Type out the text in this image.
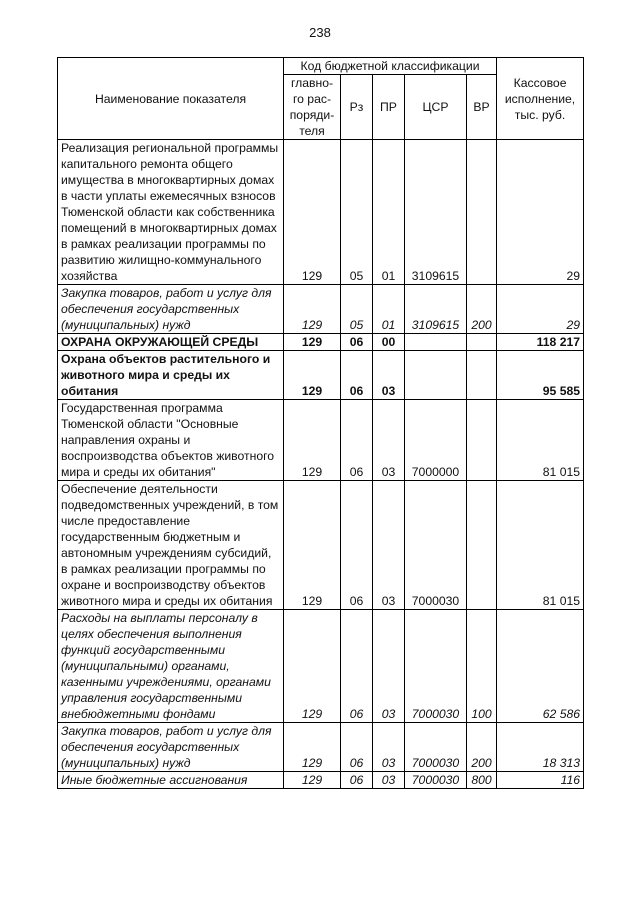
238
Наименование показателя	Код бюджетной классификации					Кассовое исполнение, тыс. руб.
	главно-го рас-поряди-теля	Рз	ПР	ЦСР	ВР	
Реализация региональной программы капитального ремонта общего имущества в многоквартирных домах в части уплаты ежемесячных взносов Тюменской области как собственника помещений в многоквартирных домах в рамках реализации программы по развитию жилищно-коммунального хозяйства	129	05	01	3109615		29
Закупка товаров, работ и услуг для обеспечения государственных (муниципальных) нужд	129	05	01	3109615	200	29
ОХРАНА ОКРУЖАЮЩЕЙ СРЕДЫ	129	06	00			118 217
Охрана объектов растительного и животного мира и среды их обитания	129	06	03			95 585
Государственная программа Тюменской области "Основные направления охраны и воспроизводства объектов животного мира и среды их обитания"	129	06	03	7000000		81 015
Обеспечение деятельности подведомственных учреждений, в том числе предоставление государственным бюджетным и автономным учреждениям субсидий, в рамках реализации программы по охране и воспроизводству объектов животного мира и среды их обитания	129	06	03	7000030		81 015
Расходы на выплаты персоналу в целях обеспечения выполнения функций государственными (муниципальными) органами, казенными учреждениями, органами управления государственными внебюджетными фондами	129	06	03	7000030	100	62 586
Закупка товаров, работ и услуг для обеспечения государственных (муниципальных) нужд	129	06	03	7000030	200	18 313
Иные бюджетные ассигнования	129	06	03	7000030	800	116
